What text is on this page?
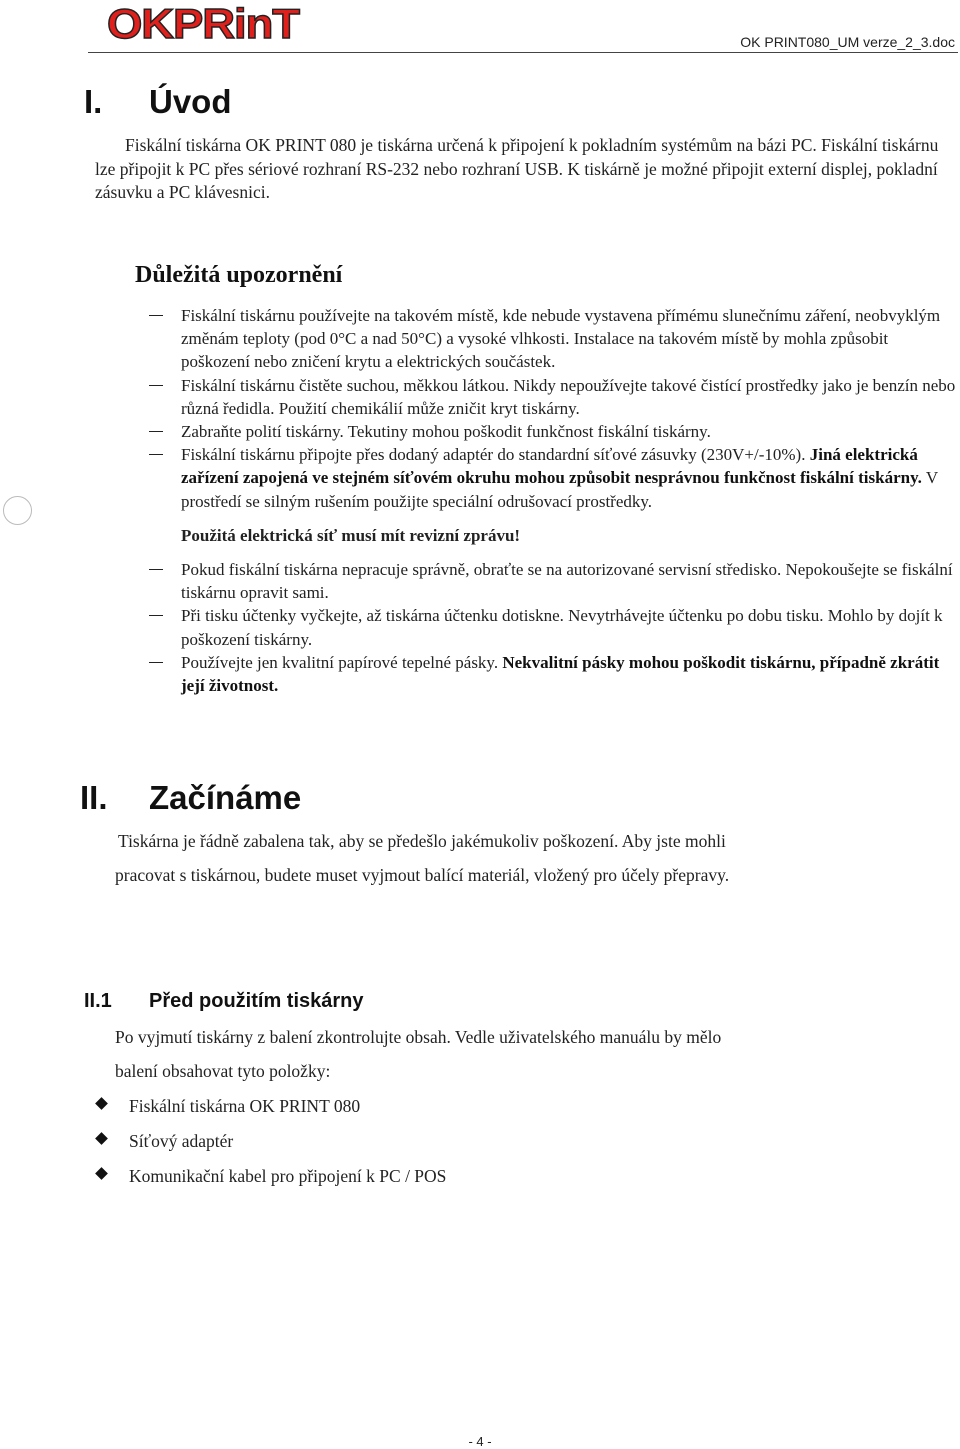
OKPRinT	OK PRINT080_UM verze_2_3.doc
I. Úvod

Fiskální tiskárna OK PRINT 080 je tiskárna určená k připojení k pokladním systémům na bázi PC. Fiskální tiskárnu lze připojit k PC přes sériové rozhraní RS-232 nebo rozhraní USB. K tiskárně je možné připojit externí displej, pokladní zásuvku a PC klávesnici.

Důležitá upozornění
Fiskální tiskárnu používejte na takovém místě, kde nebude vystavena přímému slunečnímu záření, neobvyklým změnám teploty (pod 0°C a nad 50°C) a vysoké vlhkosti. Instalace na takovém místě by mohla způsobit poškození nebo zničení krytu a elektrických součástek.
Fiskální tiskárnu čistěte suchou, měkkou látkou. Nikdy nepoužívejte takové čistící prostředky jako je benzín nebo různá ředidla. Použití chemikálií může zničit kryt tiskárny.
Zabraňte polití tiskárny. Tekutiny mohou poškodit funkčnost fiskální tiskárny.
Fiskální tiskárnu připojte přes dodaný adaptér do standardní síťové zásuvky (230V+/-10%). Jiná elektrická zařízení zapojená ve stejném síťovém okruhu mohou způsobit nesprávnou funkčnost fiskální tiskárny. V prostředí se silným rušením použijte speciální odrušovací prostředky.
Použitá elektrická síť musí mít revizní zprávu!
Pokud fiskální tiskárna nepracuje správně, obraťte se na autorizované servisní středisko. Nepokoušejte se fiskální tiskárnu opravit sami.
Při tisku účtenky vyčkejte, až tiskárna účtenku dotiskne. Nevytrhávejte účtenku po dobu tisku. Mohlo by dojít k poškození tiskárny.
Používejte jen kvalitní papírové tepelné pásky. Nekvalitní pásky mohou poškodit tiskárnu, případně zkrátit její životnost.
II. Začínáme

Tiskárna je řádně zabalena tak, aby se předešlo jakémukoliv poškození. Aby jste mohli

pracovat s tiskárnou, budete muset vyjmout balící materiál, vložený pro účely přepravy.

II.1 Před použitím tiskárny

Po vyjmutí tiskárny z balení zkontrolujte obsah. Vedle uživatelského manuálu by mělo

balení obsahovat tyto položky:

Fiskální tiskárna OK PRINT 080
Síťový adaptér
Komunikační kabel pro připojení k PC / POS
- 4 -
